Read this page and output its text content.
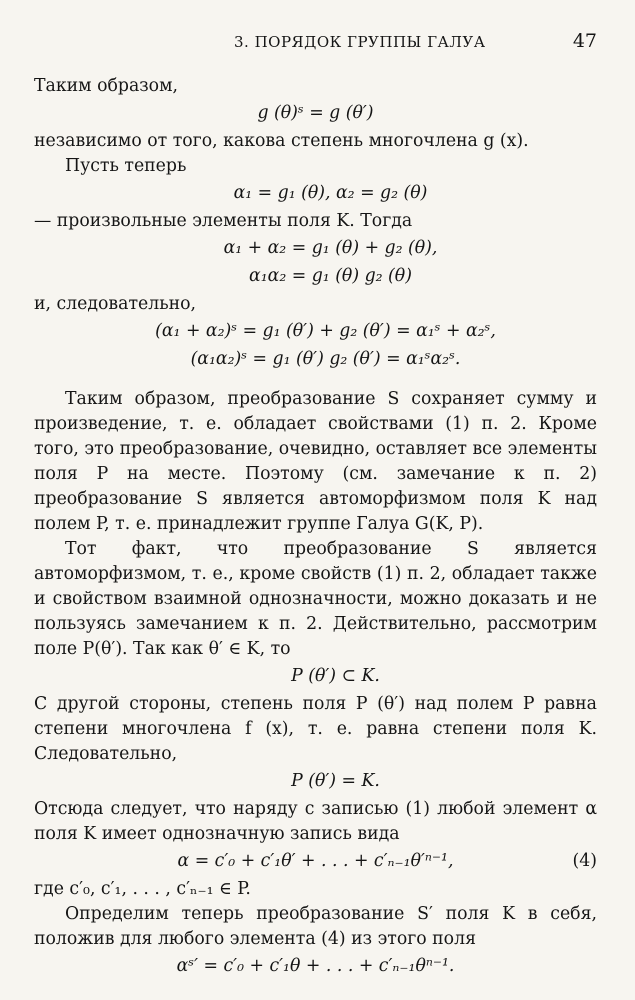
3. ПОРЯДОК ГРУППЫ ГАЛУА	47

Таким образом,

g (θ)ˢ = g (θ′)

независимо от того, какова степень многочлена g (x).

Пусть теперь

α₁ = g₁ (θ), α₂ = g₂ (θ)

— произвольные элементы поля K. Тогда

α₁ + α₂ = g₁ (θ) + g₂ (θ),
α₁α₂ = g₁ (θ) g₂ (θ)

и, следовательно,

(α₁ + α₂)ˢ = g₁ (θ′) + g₂ (θ′) = α₁ˢ + α₂ˢ,
(α₁α₂)ˢ = g₁ (θ′) g₂ (θ′) = α₁ˢα₂ˢ.

Таким образом, преобразование S сохраняет сумму и произведение, т. е. обладает свойствами (1) п. 2. Кроме того, это преобразование, очевидно, оставляет все элементы поля P на месте. Поэтому (см. замечание к п. 2) преобразование S является автоморфизмом поля K над полем P, т. е. принадлежит группе Галуа G(K, P).

Тот факт, что преобразование S является автоморфизмом, т. е., кроме свойств (1) п. 2, обладает также и свойством взаимной однозначности, можно доказать и не пользуясь замечанием к п. 2. Действительно, рассмотрим поле P(θ′). Так как θ′ ∈ K, то

P (θ′) ⊂ K.

С другой стороны, степень поля P (θ′) над полем P равна степени многочлена f (x), т. е. равна степени поля K. Следовательно,

P (θ′) = K.

Отсюда следует, что наряду с записью (1) любой элемент α поля K имеет однозначную запись вида

α = c′₀ + c′₁θ′ + . . . + c′ₙ₋₁θ′ⁿ⁻¹,	(4)

где c′₀, c′₁, . . . , c′ₙ₋₁ ∈ P.

Определим теперь преобразование S′ поля K в себя, положив для любого элемента (4) из этого поля

αˢ′ = c′₀ + c′₁θ + . . . + c′ₙ₋₁θⁿ⁻¹.
